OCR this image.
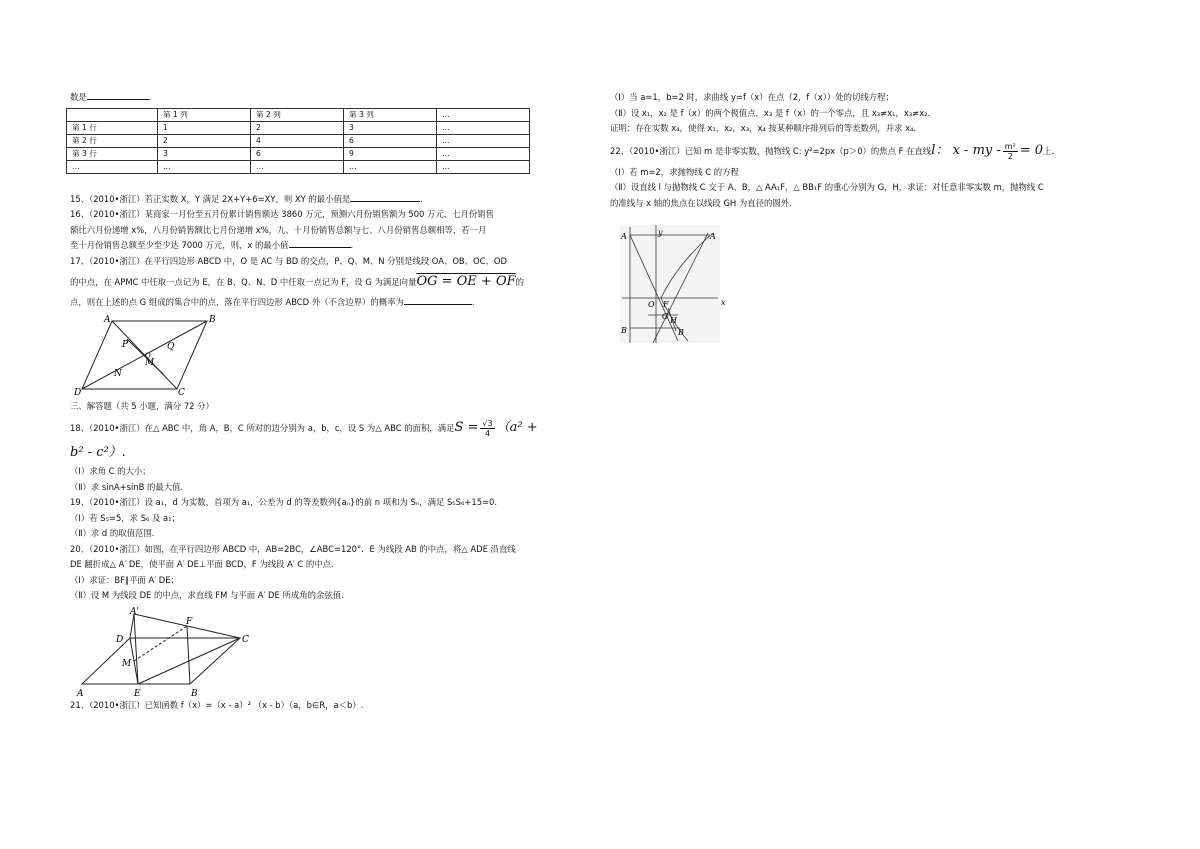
数是	.

	第 1 列	第 2 列	第 3 列	…
第 1 行	1	2	3	…
第 2 行	2	4	6	…
第 3 行	3	6	9	…
…	…	…	…	…

15、（2010•浙江）若正实数 X，Y 满足 2X+Y+6=XY，则 XY 的最小值是	.

16、（2010•浙江）某商家一月份至五月份累计销售额达 3860 万元，预测六月份销售额为 500 万元，七月份销售

额比六月份递增 x%，八月份销售额比七月份递增 x%，九、十月份销售总额与七、八月份销售总额相等，若一月

至十月份销售总额至少至少达 7000 万元，则，x 的最小值	.

17、（2010•浙江）在平行四边形 ABCD 中，O 是 AC 与 BD 的交点，P、Q、M、N 分别是线段 OA、OB、OC、OD

的中点，在 APMC 中任取一点记为 E，在 B、Q、N、D 中任取一点记为 F，设 G 为满足向量OG = OE + OF的

点，则在上述的点 G 组成的集合中的点，落在平行四边形 ABCD 外（不含边界）的概率为	.

A	B
C
D
P	Q
M
N
O

三、解答题（共 5 小题，满分 72 分）

18、（2010•浙江）在△ ABC 中，角 A，B，C 所对的边分别为 a，b，c，设 S 为△ ABC 的面积，满足$S = \frac{√3}{4} (a^2$ +

b² - c²）.

（Ⅰ）求角 C 的大小；

（Ⅱ）求 sinA+sinB 的最大值.

19、（2010•浙江）设 a₁，d 为实数，首项为 a₁，公差为 d 的等差数列{aₙ}的前 n 项和为 Sₙ，满足 S₅S₆+15=0.

（Ⅰ）若 S₅=5，求 S₆ 及 a₁；

（Ⅱ）求 d 的取值范围.

20、（2010•浙江）如图，在平行四边形 ABCD 中，AB=2BC，∠ABC=120°．E 为线段 AB 的中点，将△ ADE 沿直线

DE 翻折成△ A′ DE，使平面 A′ DE⊥平面 BCD，F 为线段 A′ C 的中点.

（Ⅰ）求证：BF∥平面 A′ DE；

（Ⅱ）设 M 为线段 DE 的中点，求直线 FM 与平面 A′ DE 所成角的余弦值.

A'
D
F
C
M
A	E	B

21、（2010•浙江）已知函数 f（x）=（x - a）² （x - b）（a，b∈R，a＜b）.

（Ⅰ）当 a=1，b=2 时，求曲线 y=f（x）在点（2，f（x））处的切线方程；

（Ⅱ）设 x₁，x₂ 是 f（x）的两个极值点，x₃ 是 f（x）的一个零点，且 x₃≠x₁，x₃≠x₂.

证明：存在实数 x₄，使得 x₁，x₂，x₃，x₄ 按某种顺序排列后的等差数列，并求 x₄.

22、（2010•浙江）已知 m 是非零实数，抛物线 C: y²=2px（p＞0）的焦点 F 在直线l： x - my - $\frac{\text{m²}}{2} = 0$上.

（Ⅰ）若 m=2，求抛物线 C 的方程

（Ⅱ）设直线 l 与抛物线 C 交于 A、B，△ AA₁F，△ BB₁F 的重心分别为 G，H，求证：对任意非零实数 m，抛物线 C

的准线与 x 轴的焦点在以线段 GH 为直径的圆外.

y
A	A
O F	x
G H
B	B
